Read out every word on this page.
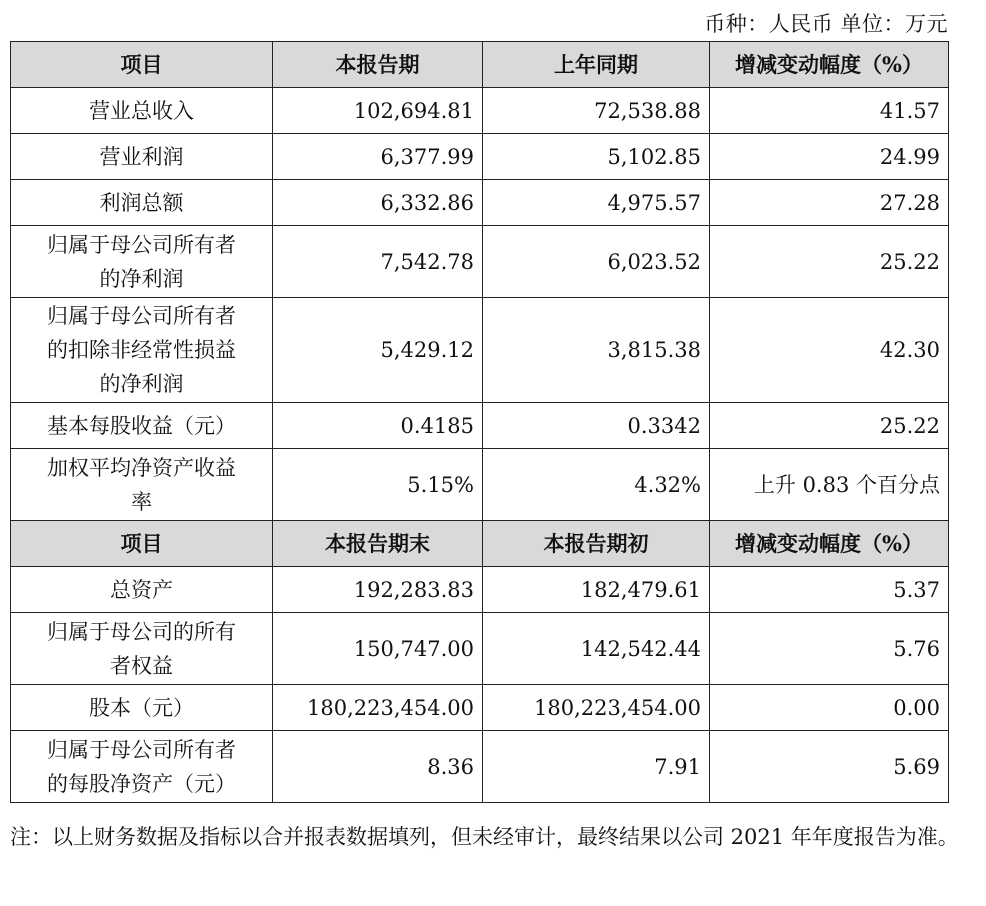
币种：人民币 单位：万元
项目	本报告期	上年同期	增减变动幅度（%）
营业总收入	102,694.81	72,538.88	41.57
营业利润	6,377.99	5,102.85	24.99
利润总额	6,332.86	4,975.57	27.28
归属于母公司所有者
的净利润	7,542.78	6,023.52	25.22
归属于母公司所有者
的扣除非经常性损益
的净利润	5,429.12	3,815.38	42.30
基本每股收益（元）	0.4185	0.3342	25.22
加权平均净资产收益
率	5.15%	4.32%	上升 0.83 个百分点
项目	本报告期末	本报告期初	增减变动幅度（%）
总资产	192,283.83	182,479.61	5.37
归属于母公司的所有
者权益	150,747.00	142,542.44	5.76
股本（元）	180,223,454.00	180,223,454.00	0.00
归属于母公司所有者
的每股净资产（元）	8.36	7.91	5.69
注：以上财务数据及指标以合并报表数据填列，但未经审计，最终结果以公司 2021 年年度报告为准。
